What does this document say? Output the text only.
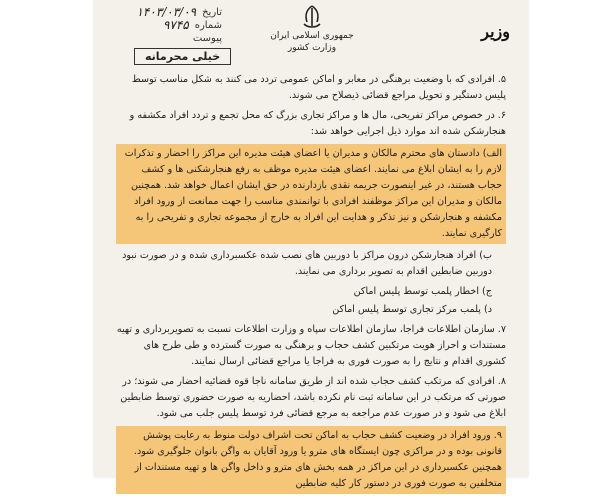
تاریخ
۱۴۰۳/۰۳/۰۹
شماره
۹۷۴۵
پیوست
خیلی محرمانه
جمهوری اسلامی ایران
وزارت کشور
وزیر

۵. افرادی که با وضعیت برهنگی در معابر و اماکن عمومی تردد می کنند به شکل مناسب توسط پلیس دستگیر و تحویل مراجع قضائی ذیصلاح می شوند.

۶. در خصوص مراکز تفریحی، مال ها و مراکز تجاری بزرگ که محل تجمع و تردد افراد مکشفه و هنجارشکن شده اند موارد ذیل اجرایی خواهد شد:

الف) دادستان های محترم مالکان و مدیران یا اعضای هیئت مدیره این مراکز را احضار و تذکرات لازم را به ایشان ابلاغ می نمایند. اعضای هیئت مدیره موظف به رفع هنجارشکنی ها و کشف حجاب هستند، در غیر اینصورت جریمه نقدی بازدارنده در حق ایشان اعمال خواهد شد. همچنین مالکان و مدیران این مراکز موظفند افرادی با توانمندی مناسب را جهت ممانعت از ورود افراد مکشفه و هنجارشکن و نیز تذکر و هدایت این افراد به خارج از مجموعه تجاری و تفریحی را به کارگیری نمایند.

ب) افراد هنجارشکن درون مراکز با دوربین های نصب شده عکسبرداری شده و در صورت نبود دوربین ضابطین اقدام به تصویر برداری می نمایند.

ج) اخطار پلمب توسط پلیس اماکن

د) پلمب مرکز تجاری توسط پلیس اماکن

۷. سازمان اطلاعات فراجا، سازمان اطلاعات سپاه و وزارت اطلاعات نسبت به تصویربرداری و تهیه مستندات و احراز هویت مرتکبین کشف حجاب و برهنگی به صورت گسترده و طی طرح های کشوری اقدام و نتایج را به صورت فوری به فراجا یا مراجع قضائی ارسال نمایند.

۸. افرادی که مرتکب کشف حجاب شده اند از طریق سامانه ناجا قوه قضائیه احضار می شوند؛ در صورتی که مرتکب در این سامانه ثبت نام نکرده باشد، احضاریه به صورت حضوری توسط ضابطین ابلاغ می شود و در صورت عدم مراجعه به مرجع قضائی فرد توسط پلیس جلب می شود.

۹. ورود افراد در وضعیت کشف حجاب به اماکن تحت اشراف دولت منوط به رعایت پوشش قانونی بوده و در مراکزی چون ایستگاه های مترو یا ورود آقایان به واگن بانوان جلوگیری شود. همچنین عکسبرداری در این مراکز در همه بخش های مترو و داخل واگن ها و تهیه مستندات از متخلفین به صورت فوری در دستور کار کلیه ضابطین
